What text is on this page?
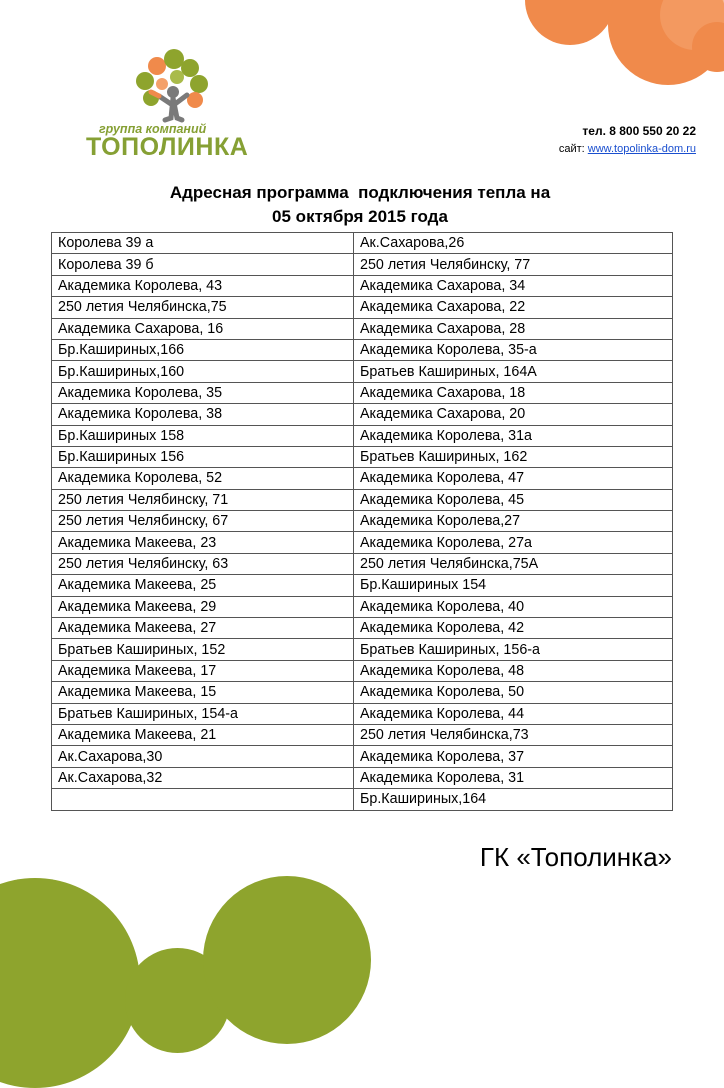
группа компаний
ТОПОЛИНКА
тел. 8 800 550 20 22
сайт: www.topolinka-dom.ru
Адресная программа  подключения тепла на
05 октября 2015 года
Королева 39 а	Ак.Сахарова,26
Королева 39 б	250 летия Челябинску, 77
Академика Королева, 43	Академика Сахарова, 34
250 летия Челябинска,75	Академика Сахарова, 22
Академика Сахарова, 16	Академика Сахарова, 28
Бр.Кашириных,166	Академика Королева, 35-а
Бр.Кашириных,160	Братьев Кашириных, 164А
Академика Королева, 35	Академика Сахарова, 18
Академика Королева, 38	Академика Сахарова, 20
Бр.Кашириных 158	Академика Королева, 31а
Бр.Кашириных 156	Братьев Кашириных, 162
Академика Королева, 52	Академика Королева, 47
250 летия Челябинску, 71	Академика Королева, 45
250 летия Челябинску, 67	Академика Королева,27
Академика Макеева, 23	Академика Королева, 27а
250 летия Челябинску, 63	250 летия Челябинска,75А
Академика Макеева, 25	Бр.Кашириных 154
Академика Макеева, 29	Академика Королева, 40
Академика Макеева, 27	Академика Королева, 42
Братьев Кашириных, 152	Братьев Кашириных, 156-а
Академика Макеева, 17	Академика Королева, 48
Академика Макеева, 15	Академика Королева, 50
Братьев Кашириных, 154-а	Академика Королева, 44
Академика Макеева, 21	250 летия Челябинска,73
Ак.Сахарова,30	Академика Королева, 37
Ак.Сахарова,32	Академика Королева, 31
	Бр.Кашириных,164
ГК «Тополинка»
